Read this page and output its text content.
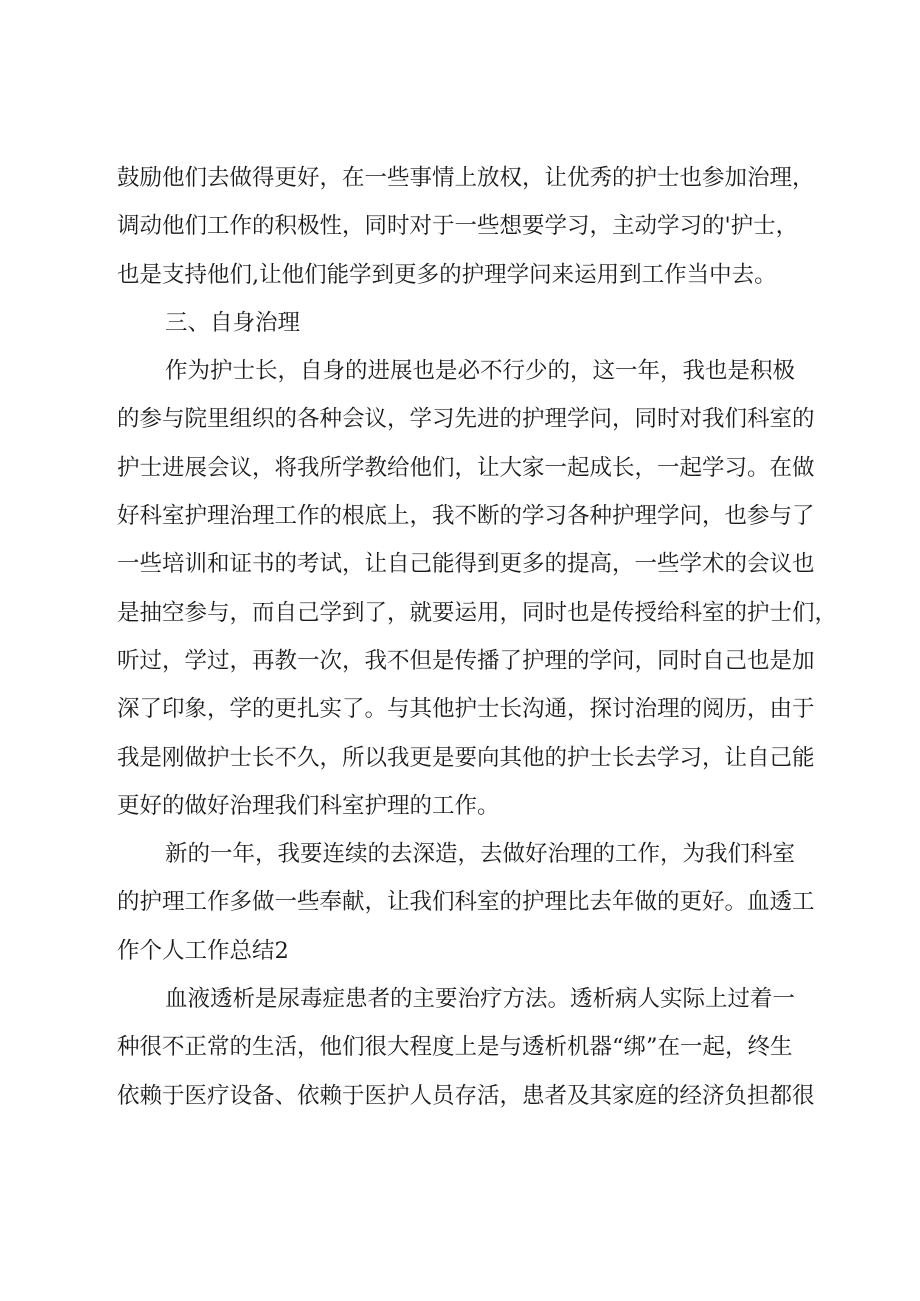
鼓励他们去做得更好，在一些事情上放权，让优秀的护士也参加治理，
调动他们工作的积极性，同时对于一些想要学习，主动学习的'护士，
也是支持他们,让他们能学到更多的护理学问来运用到工作当中去。
三、自身治理
作为护士长，自身的进展也是必不行少的，这一年，我也是积极
的参与院里组织的各种会议，学习先进的护理学问，同时对我们科室的
护士进展会议，将我所学教给他们，让大家一起成长，一起学习。在做
好科室护理治理工作的根底上，我不断的学习各种护理学问，也参与了
一些培训和证书的考试，让自己能得到更多的提高，一些学术的会议也
是抽空参与，而自己学到了，就要运用，同时也是传授给科室的护士们，
听过，学过，再教一次，我不但是传播了护理的学问，同时自己也是加
深了印象，学的更扎实了。与其他护士长沟通，探讨治理的阅历，由于
我是刚做护士长不久，所以我更是要向其他的护士长去学习，让自己能
更好的做好治理我们科室护理的工作。
新的一年，我要连续的去深造，去做好治理的工作，为我们科室
的护理工作多做一些奉献，让我们科室的护理比去年做的更好。血透工
作个人工作总结2
血液透析是尿毒症患者的主要治疗方法。透析病人实际上过着一
种很不正常的生活，他们很大程度上是与透析机器“绑”在一起，终生
依赖于医疗设备、依赖于医护人员存活，患者及其家庭的经济负担都很
